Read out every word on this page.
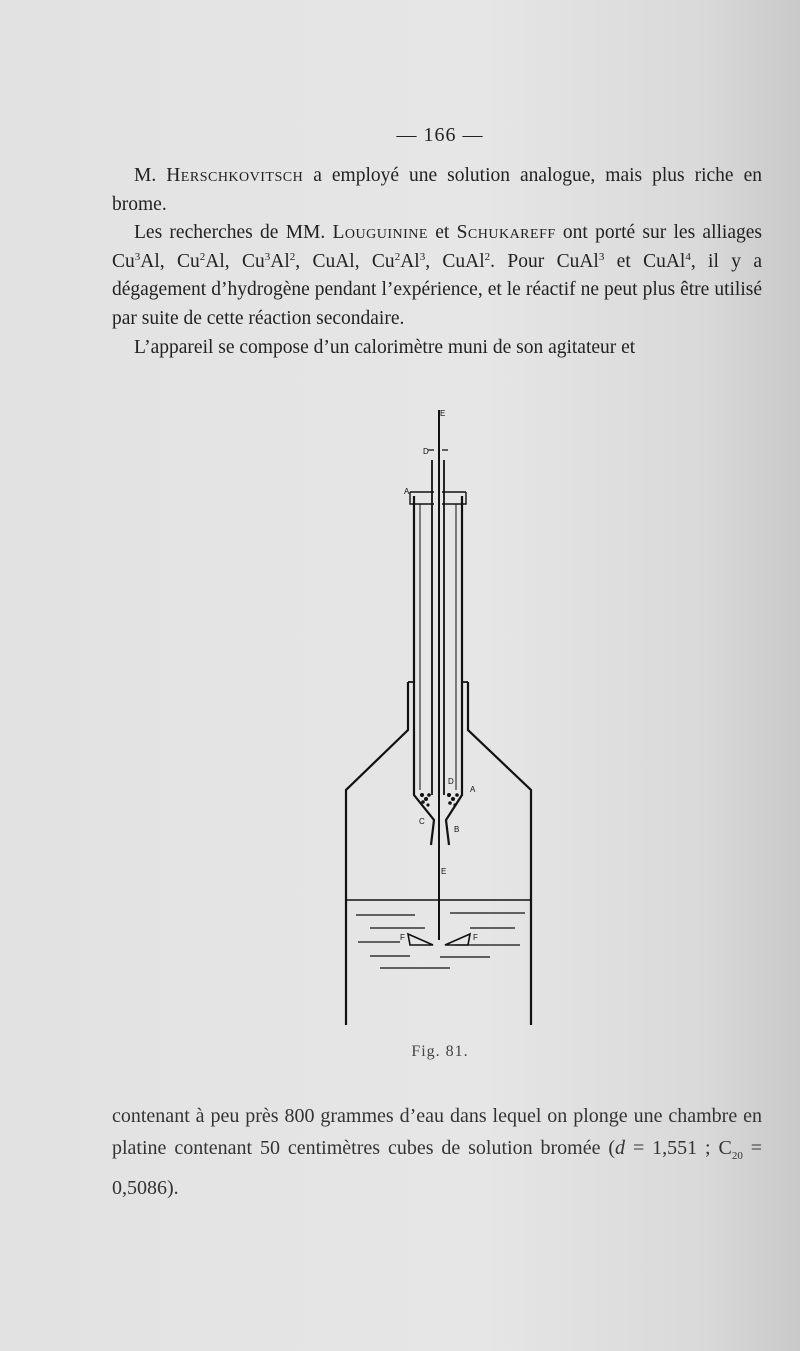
— 166 —

M. Herschkovitsch a employé une solution analogue, mais plus riche en brome.

Les recherches de MM. Louguinine et Schukareff ont porté sur les alliages Cu$^3$Al, Cu$^2$Al, Cu$^3$Al$^2$, CuAl, Cu$^2$Al$^3$, CuAl$^2$. Pour CuAl$^3$ et CuAl$^4$, il y a dégagement d’hydrogène pendant l’expérience, et le réactif ne peut plus être utilisé par suite de cette réaction secondaire.

L’appareil se compose d’un calorimètre muni de son agitateur et

E
D
A
D
A
C
B
E
F	F
Fig. 81.

contenant à peu près 800 grammes d’eau dans lequel on plonge une chambre en platine contenant 50 centimètres cubes de solution bromée (d = 1,551 ; $C_{20} = 0,5086$).
